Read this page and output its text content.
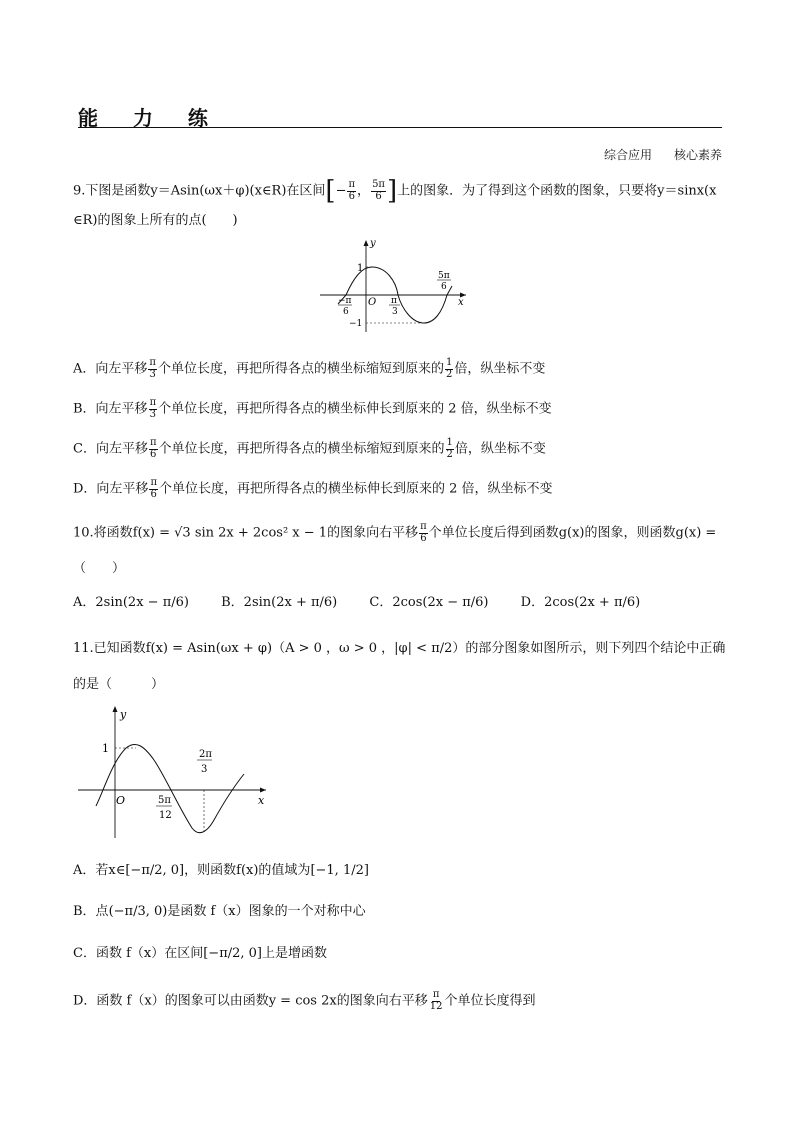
能 力 练
综合应用 核心素养
9.下图是函数y＝Asin(ωx＋φ)(x∈R)在区间[− $\frac{\pi}{6}$ ， $\frac{5\pi}{6}$ ]上的图象．为了得到这个函数的图象，只要将y＝sinx(x
∈R)的图象上所有的点(　　)
y
x
O
1
−1
−π
6
π
3
5π
6
A．向左平移 $\frac{\pi}{3}$ 个单位长度，再把所得各点的横坐标缩短到原来的 $\frac{1}{2}$ 倍，纵坐标不变
B．向左平移 $\frac{\pi}{3}$ 个单位长度，再把所得各点的横坐标伸长到原来的 2 倍，纵坐标不变
C．向左平移 $\frac{\pi}{6}$ 个单位长度，再把所得各点的横坐标缩短到原来的 $\frac{1}{2}$ 倍，纵坐标不变
D．向左平移 $\frac{\pi}{6}$ 个单位长度，再把所得各点的横坐标伸长到原来的 2 倍，纵坐标不变
10.将函数f(x) = √3 sin 2x + 2cos² x − 1的图象向右平移 $\frac{\pi}{6}$ 个单位长度后得到函数g(x)的图象，则函数g(x) =
（　　）
A．2sin(2x − π/6) B．2sin(2x + π/6) C．2cos(2x − π/6) D．2cos(2x + π/6)
11.已知函数f(x) = Asin(ωx + φ)（A > 0 ，ω > 0 ，|φ| < π/2）的部分图象如图所示，则下列四个结论中正确
的是（　　　）
y
x
O
1
5π
12
2π
3
A．若x∈[−π/2, 0]，则函数f(x)的值域为[−1, 1/2]
B．点(−π/3, 0)是函数 f（x）图象的一个对称中心
C．函数 f（x）在区间[−π/2, 0]上是增函数
D．函数 f（x）的图象可以由函数y = cos 2x的图象向右平移 $\frac{\pi}{12}$ 个单位长度得到
